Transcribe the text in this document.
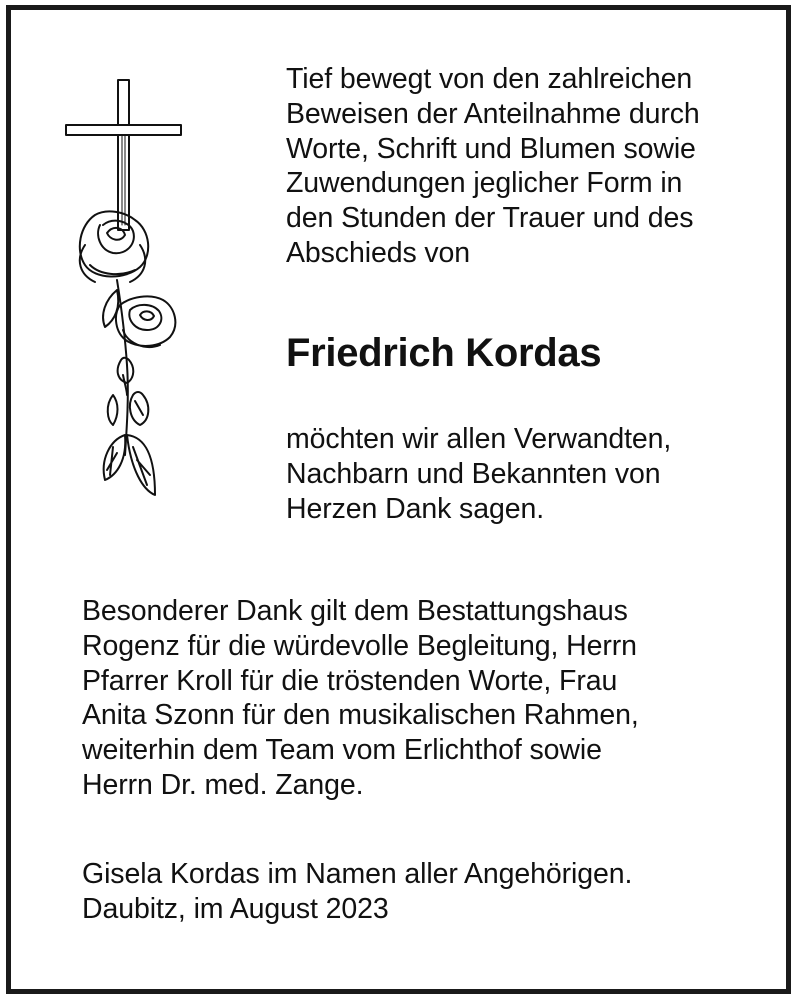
Tief bewegt von den zahlreichen
Beweisen der Anteilnahme durch
Worte, Schrift und Blumen sowie
Zuwendungen jeglicher Form in
den Stunden der Trauer und des
Abschieds von

Friedrich Kordas

möchten wir allen Verwandten,
Nachbarn und Bekannten von
Herzen Dank sagen.

Besonderer Dank gilt dem Bestattungshaus
Rogenz für die würdevolle Begleitung, Herrn
Pfarrer Kroll für die tröstenden Worte, Frau
Anita Szonn für den musikalischen Rahmen,
weiterhin dem Team vom Erlichthof sowie
Herrn Dr. med. Zange.

Gisela Kordas im Namen aller Angehörigen.
Daubitz, im August 2023
